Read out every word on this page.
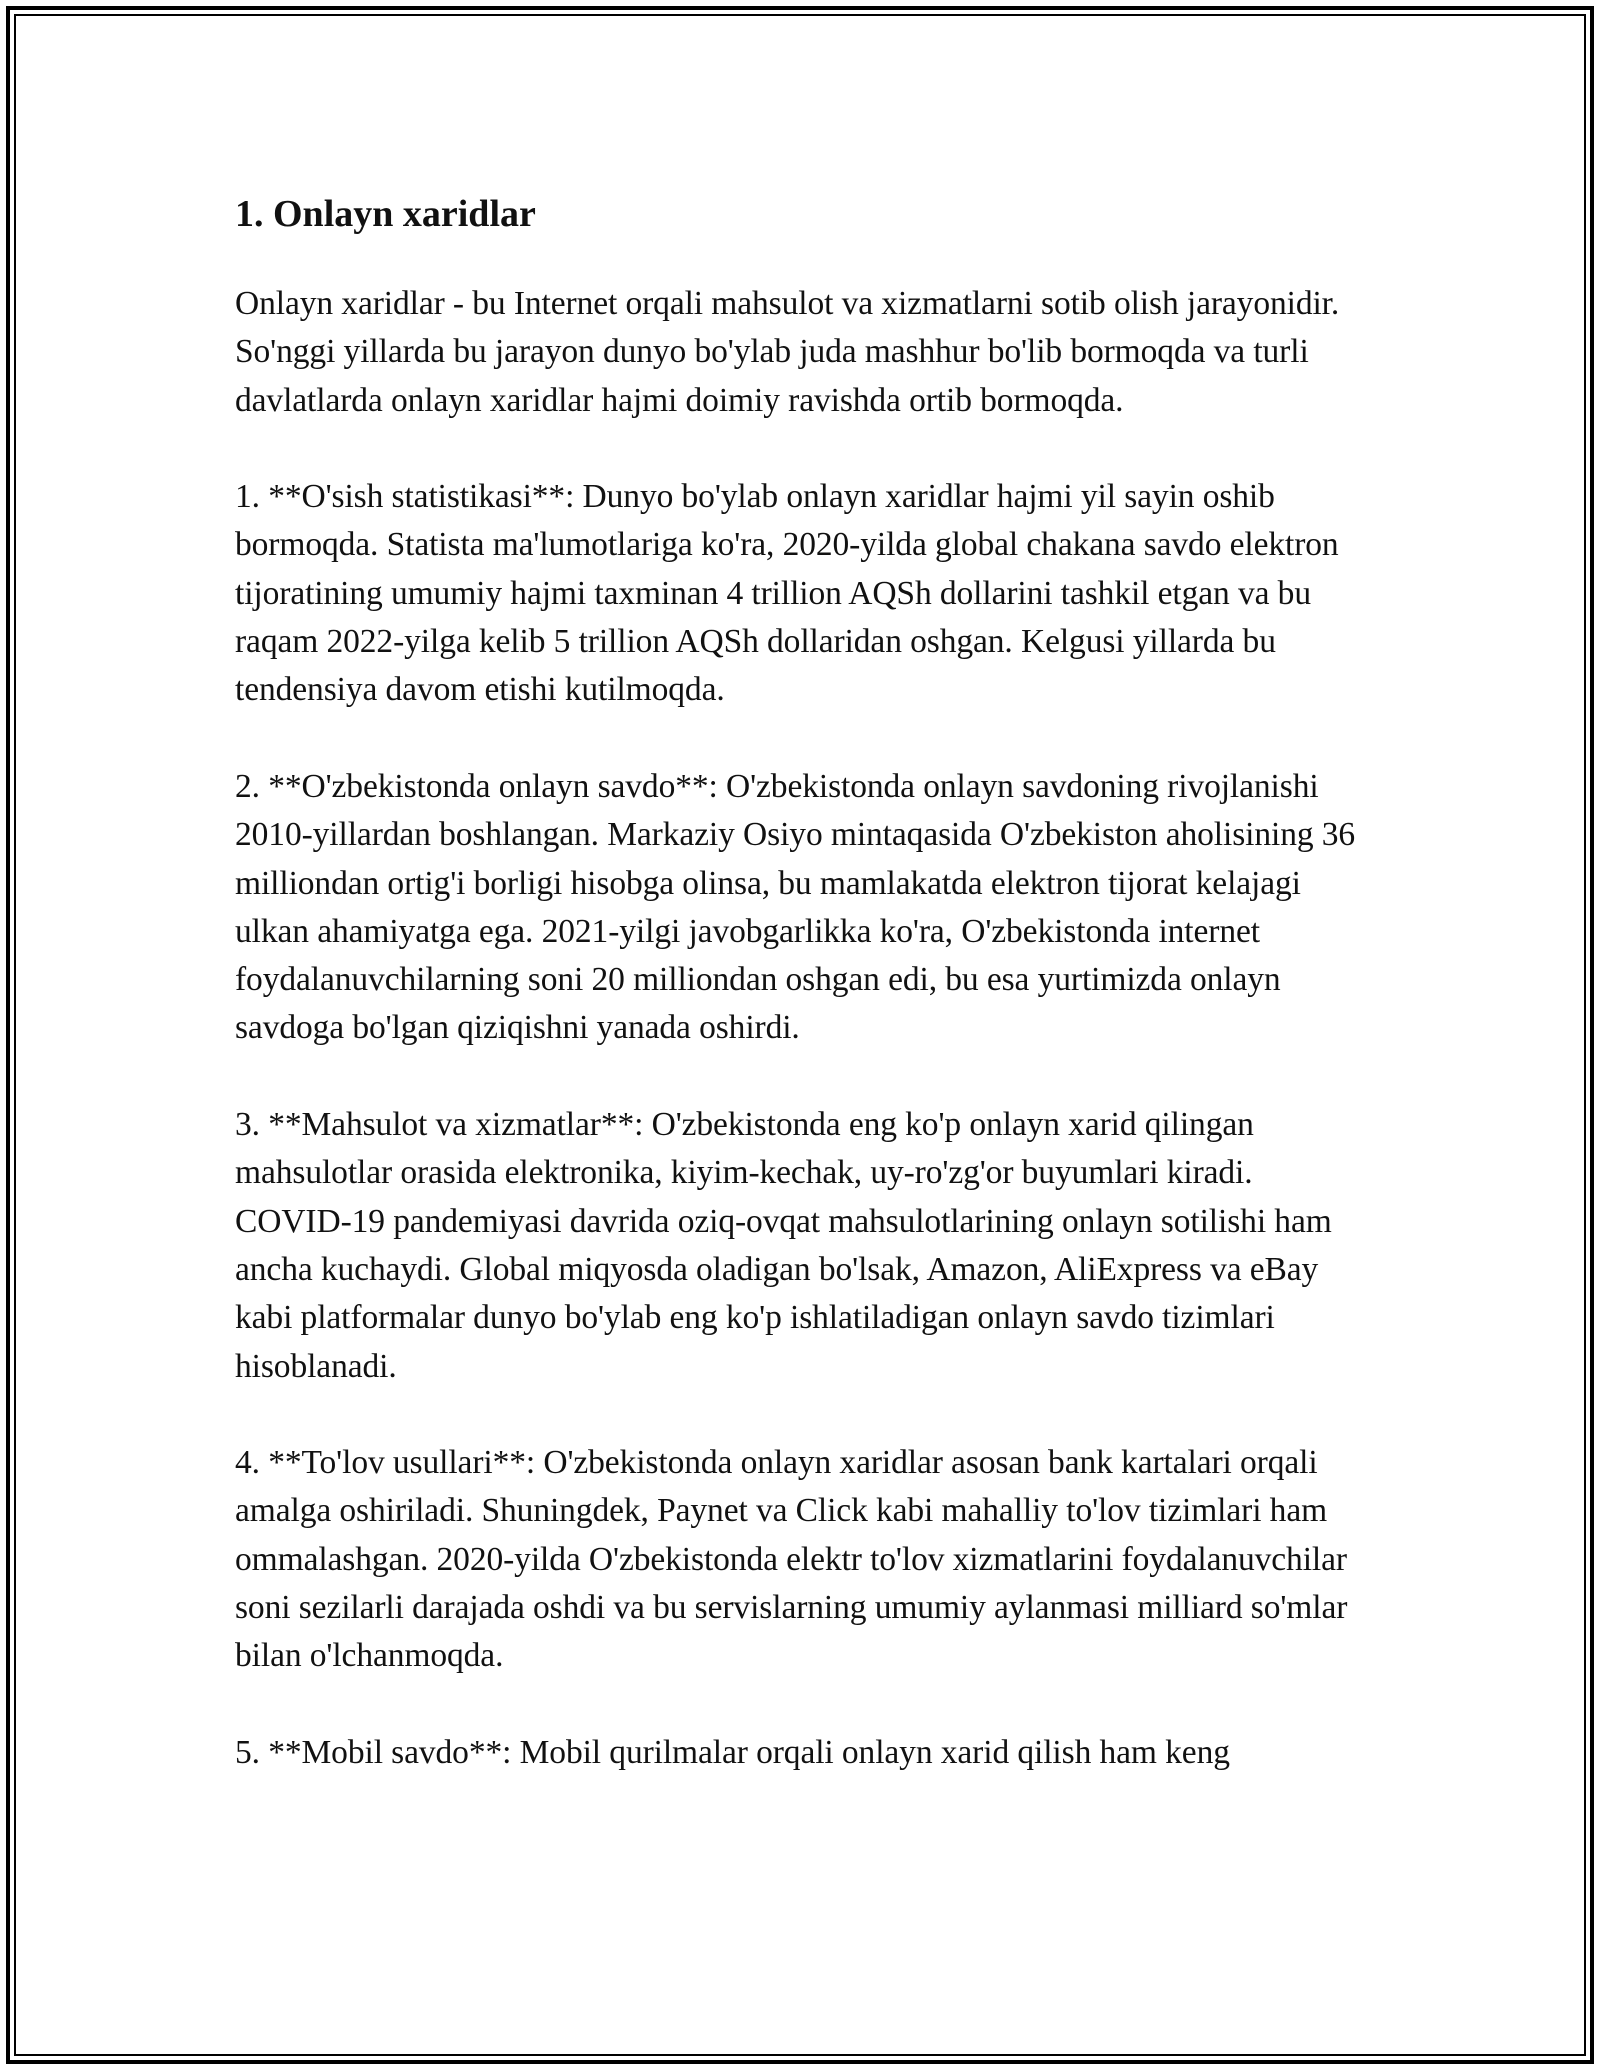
1. Onlayn xaridlar

Onlayn xaridlar - bu Internet orqali mahsulot va xizmatlarni sotib olish jarayonidir. So'nggi yillarda bu jarayon dunyo bo'ylab juda mashhur bo'lib bormoqda va turli davlatlarda onlayn xaridlar hajmi doimiy ravishda ortib bormoqda.

1. **O'sish statistikasi**: Dunyo bo'ylab onlayn xaridlar hajmi yil sayin oshib bormoqda. Statista ma'lumotlariga ko'ra, 2020-yilda global chakana savdo elektron tijoratining umumiy hajmi taxminan 4 trillion AQSh dollarini tashkil etgan va bu raqam 2022-yilga kelib 5 trillion AQSh dollaridan oshgan. Kelgusi yillarda bu tendensiya davom etishi kutilmoqda.

2. **O'zbekistonda onlayn savdo**: O'zbekistonda onlayn savdoning rivojlanishi 2010-yillardan boshlangan. Markaziy Osiyo mintaqasida O'zbekiston aholisining 36 milliondan ortig'i borligi hisobga olinsa, bu mamlakatda elektron tijorat kelajagi ulkan ahamiyatga ega. 2021-yilgi javobgarlikka ko'ra, O'zbekistonda internet foydalanuvchilarning soni 20 milliondan oshgan edi, bu esa yurtimizda onlayn savdoga bo'lgan qiziqishni yanada oshirdi.

3. **Mahsulot va xizmatlar**: O'zbekistonda eng ko'p onlayn xarid qilingan mahsulotlar orasida elektronika, kiyim-kechak, uy-ro'zg'or buyumlari kiradi. COVID-19 pandemiyasi davrida oziq-ovqat mahsulotlarining onlayn sotilishi ham ancha kuchaydi. Global miqyosda oladigan bo'lsak, Amazon, AliExpress va eBay kabi platformalar dunyo bo'ylab eng ko'p ishlatiladigan onlayn savdo tizimlari hisoblanadi.

4. **To'lov usullari**: O'zbekistonda onlayn xaridlar asosan bank kartalari orqali amalga oshiriladi. Shuningdek, Paynet va Click kabi mahalliy to'lov tizimlari ham ommalashgan. 2020-yilda O'zbekistonda elektr to'lov xizmatlarini foydalanuvchilar soni sezilarli darajada oshdi va bu servislarning umumiy aylanmasi milliard so'mlar bilan o'lchanmoqda.

5. **Mobil savdo**: Mobil qurilmalar orqali onlayn xarid qilish ham keng
